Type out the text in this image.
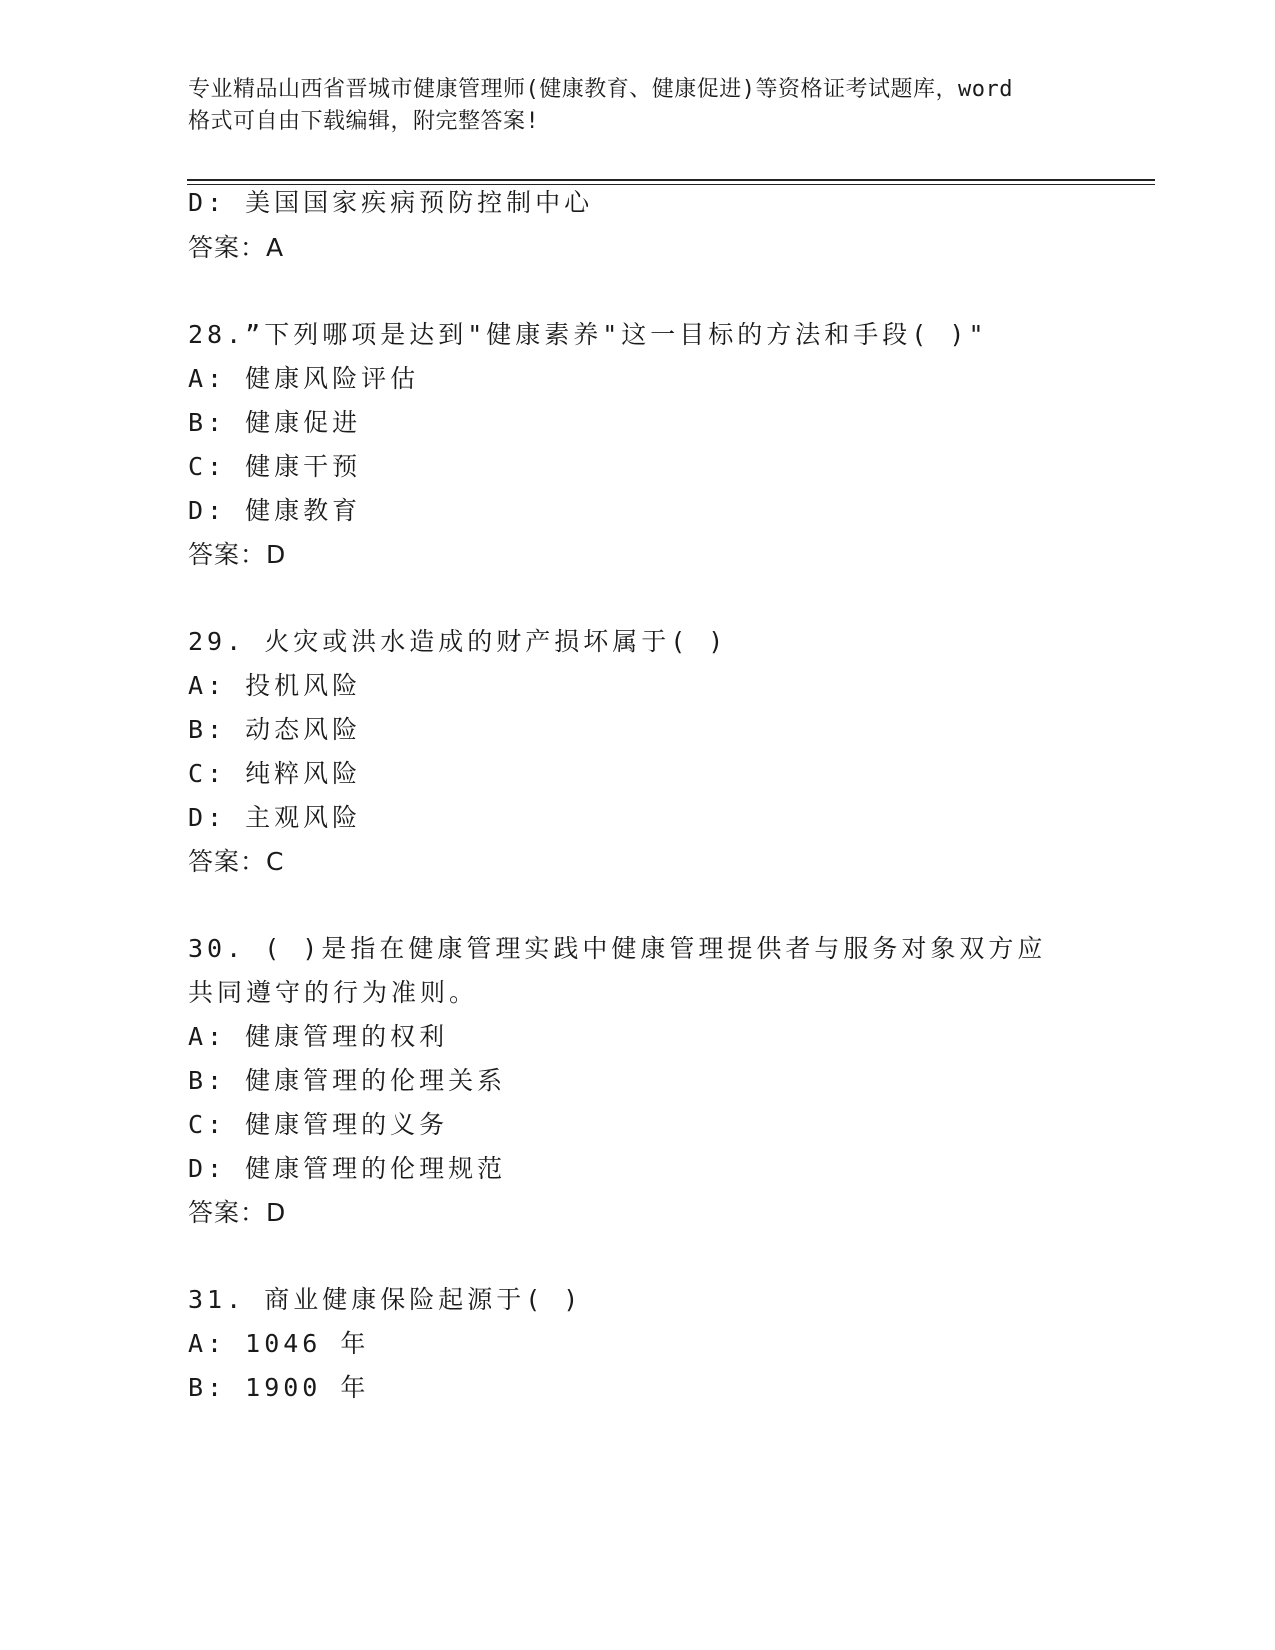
专业精品山西省晋城市健康管理师(健康教育、健康促进)等资格证考试题库，word
格式可自由下载编辑，附完整答案!
D: 美国国家疾病预防控制中心
答案：A
28.”下列哪项是达到"健康素养"这一目标的方法和手段( )"
A: 健康风险评估
B: 健康促进
C: 健康干预
D: 健康教育
答案：D
29. 火灾或洪水造成的财产损坏属于( )
A: 投机风险
B: 动态风险
C: 纯粹风险
D: 主观风险
答案：C
30. ( )是指在健康管理实践中健康管理提供者与服务对象双方应
共同遵守的行为准则。
A: 健康管理的权利
B: 健康管理的伦理关系
C: 健康管理的义务
D: 健康管理的伦理规范
答案：D
31. 商业健康保险起源于( )
A: 1046 年
B: 1900 年
